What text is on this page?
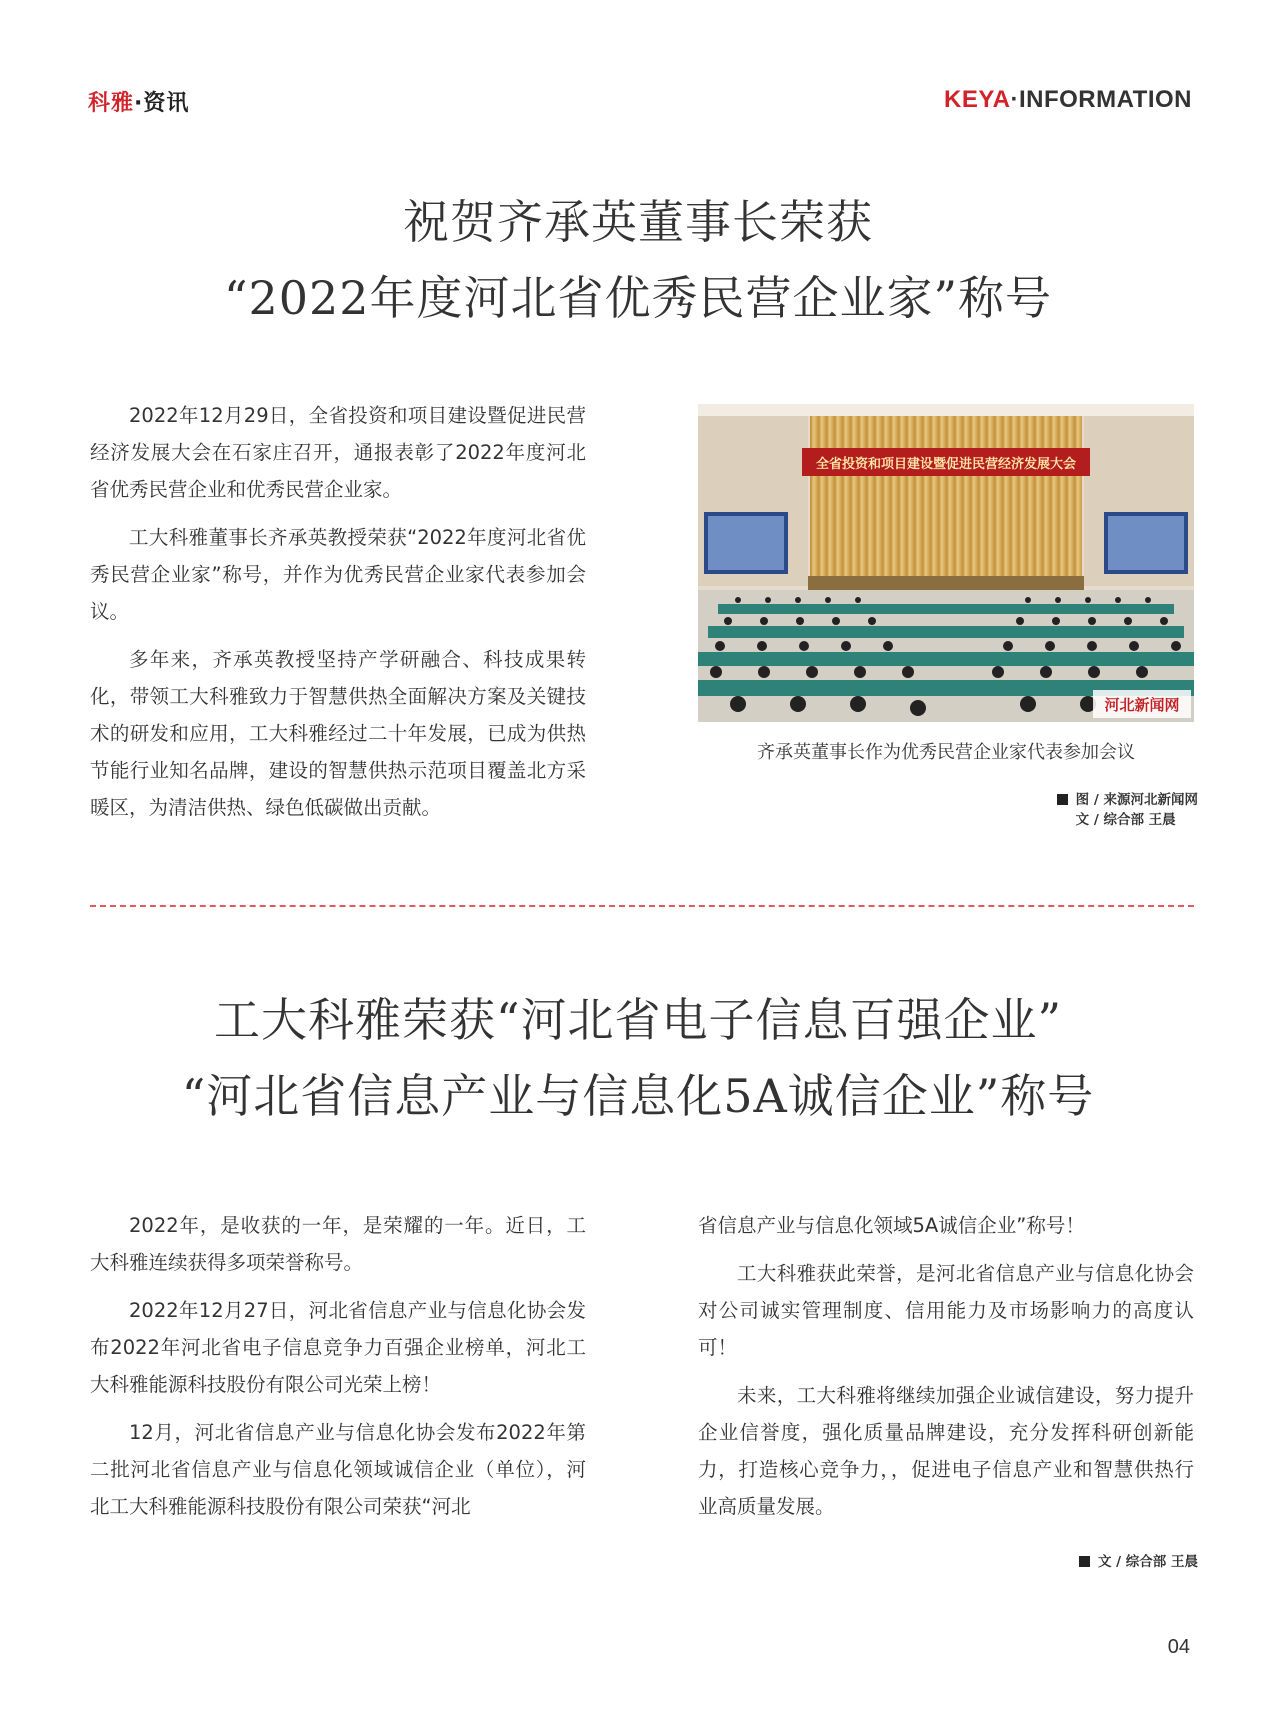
科雅·资讯	KEYA·INFORMATION
祝贺齐承英董事长荣获
“2022年度河北省优秀民营企业家”称号

2022年12月29日，全省投资和项目建设暨促进民营经济发展大会在石家庄召开，通报表彰了2022年度河北省优秀民营企业和优秀民营企业家。

工大科雅董事长齐承英教授荣获“2022年度河北省优秀民营企业家”称号，并作为优秀民营企业家代表参加会议。

多年来，齐承英教授坚持产学研融合、科技成果转化，带领工大科雅致力于智慧供热全面解决方案及关键技术的研发和应用，工大科雅经过二十年发展，已成为供热节能行业知名品牌，建设的智慧供热示范项目覆盖北方采暖区，为清洁供热、绿色低碳做出贡献。

全省投资和项目建设暨促进民营经济发展大会
河北新闻网
齐承英董事长作为优秀民营企业家代表参加会议
图 / 来源河北新闻网
文 / 综合部 王晨
工大科雅荣获“河北省电子信息百强企业”
“河北省信息产业与信息化5A诚信企业”称号

2022年，是收获的一年，是荣耀的一年。近日，工大科雅连续获得多项荣誉称号。

2022年12月27日，河北省信息产业与信息化协会发布2022年河北省电子信息竞争力百强企业榜单，河北工大科雅能源科技股份有限公司光荣上榜！

12月，河北省信息产业与信息化协会发布2022年第二批河北省信息产业与信息化领域诚信企业（单位），河北工大科雅能源科技股份有限公司荣获“河北

省信息产业与信息化领域5A诚信企业”称号！

工大科雅获此荣誉，是河北省信息产业与信息化协会对公司诚实管理制度、信用能力及市场影响力的高度认可！

未来，工大科雅将继续加强企业诚信建设，努力提升企业信誉度，强化质量品牌建设，充分发挥科研创新能力，打造核心竞争力，，促进电子信息产业和智慧供热行业高质量发展。

文 / 综合部 王晨
04
